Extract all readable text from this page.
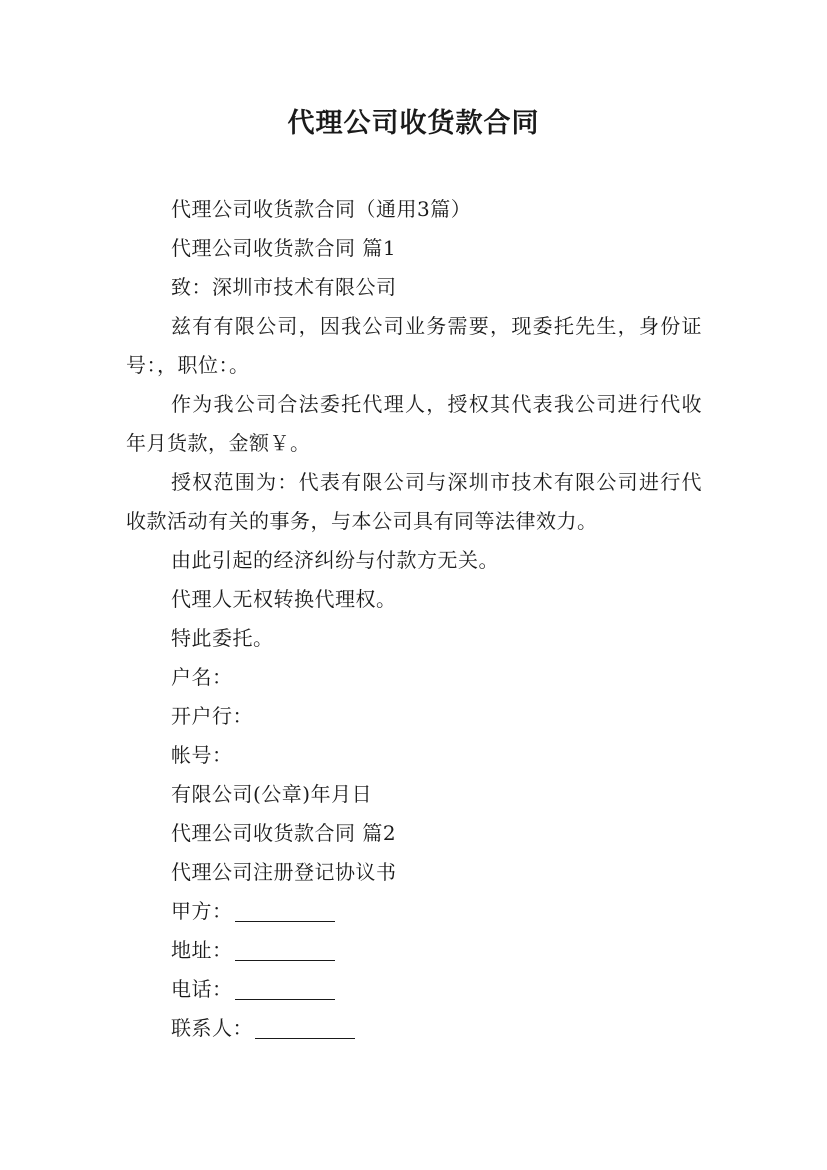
代理公司收货款合同

代理公司收货款合同（通用3篇）

代理公司收货款合同 篇1

致：深圳市技术有限公司

兹有有限公司，因我公司业务需要，现委托先生，身份证号：，职位：。

作为我公司合法委托代理人，授权其代表我公司进行代收年月货款，金额￥。

授权范围为：代表有限公司与深圳市技术有限公司进行代收款活动有关的事务，与本公司具有同等法律效力。

由此引起的经济纠纷与付款方无关。

代理人无权转换代理权。

特此委托。

户名：

开户行：

帐号：

有限公司(公章)年月日

代理公司收货款合同 篇2

代理公司注册登记协议书

甲方：

地址：

电话：

联系人：
